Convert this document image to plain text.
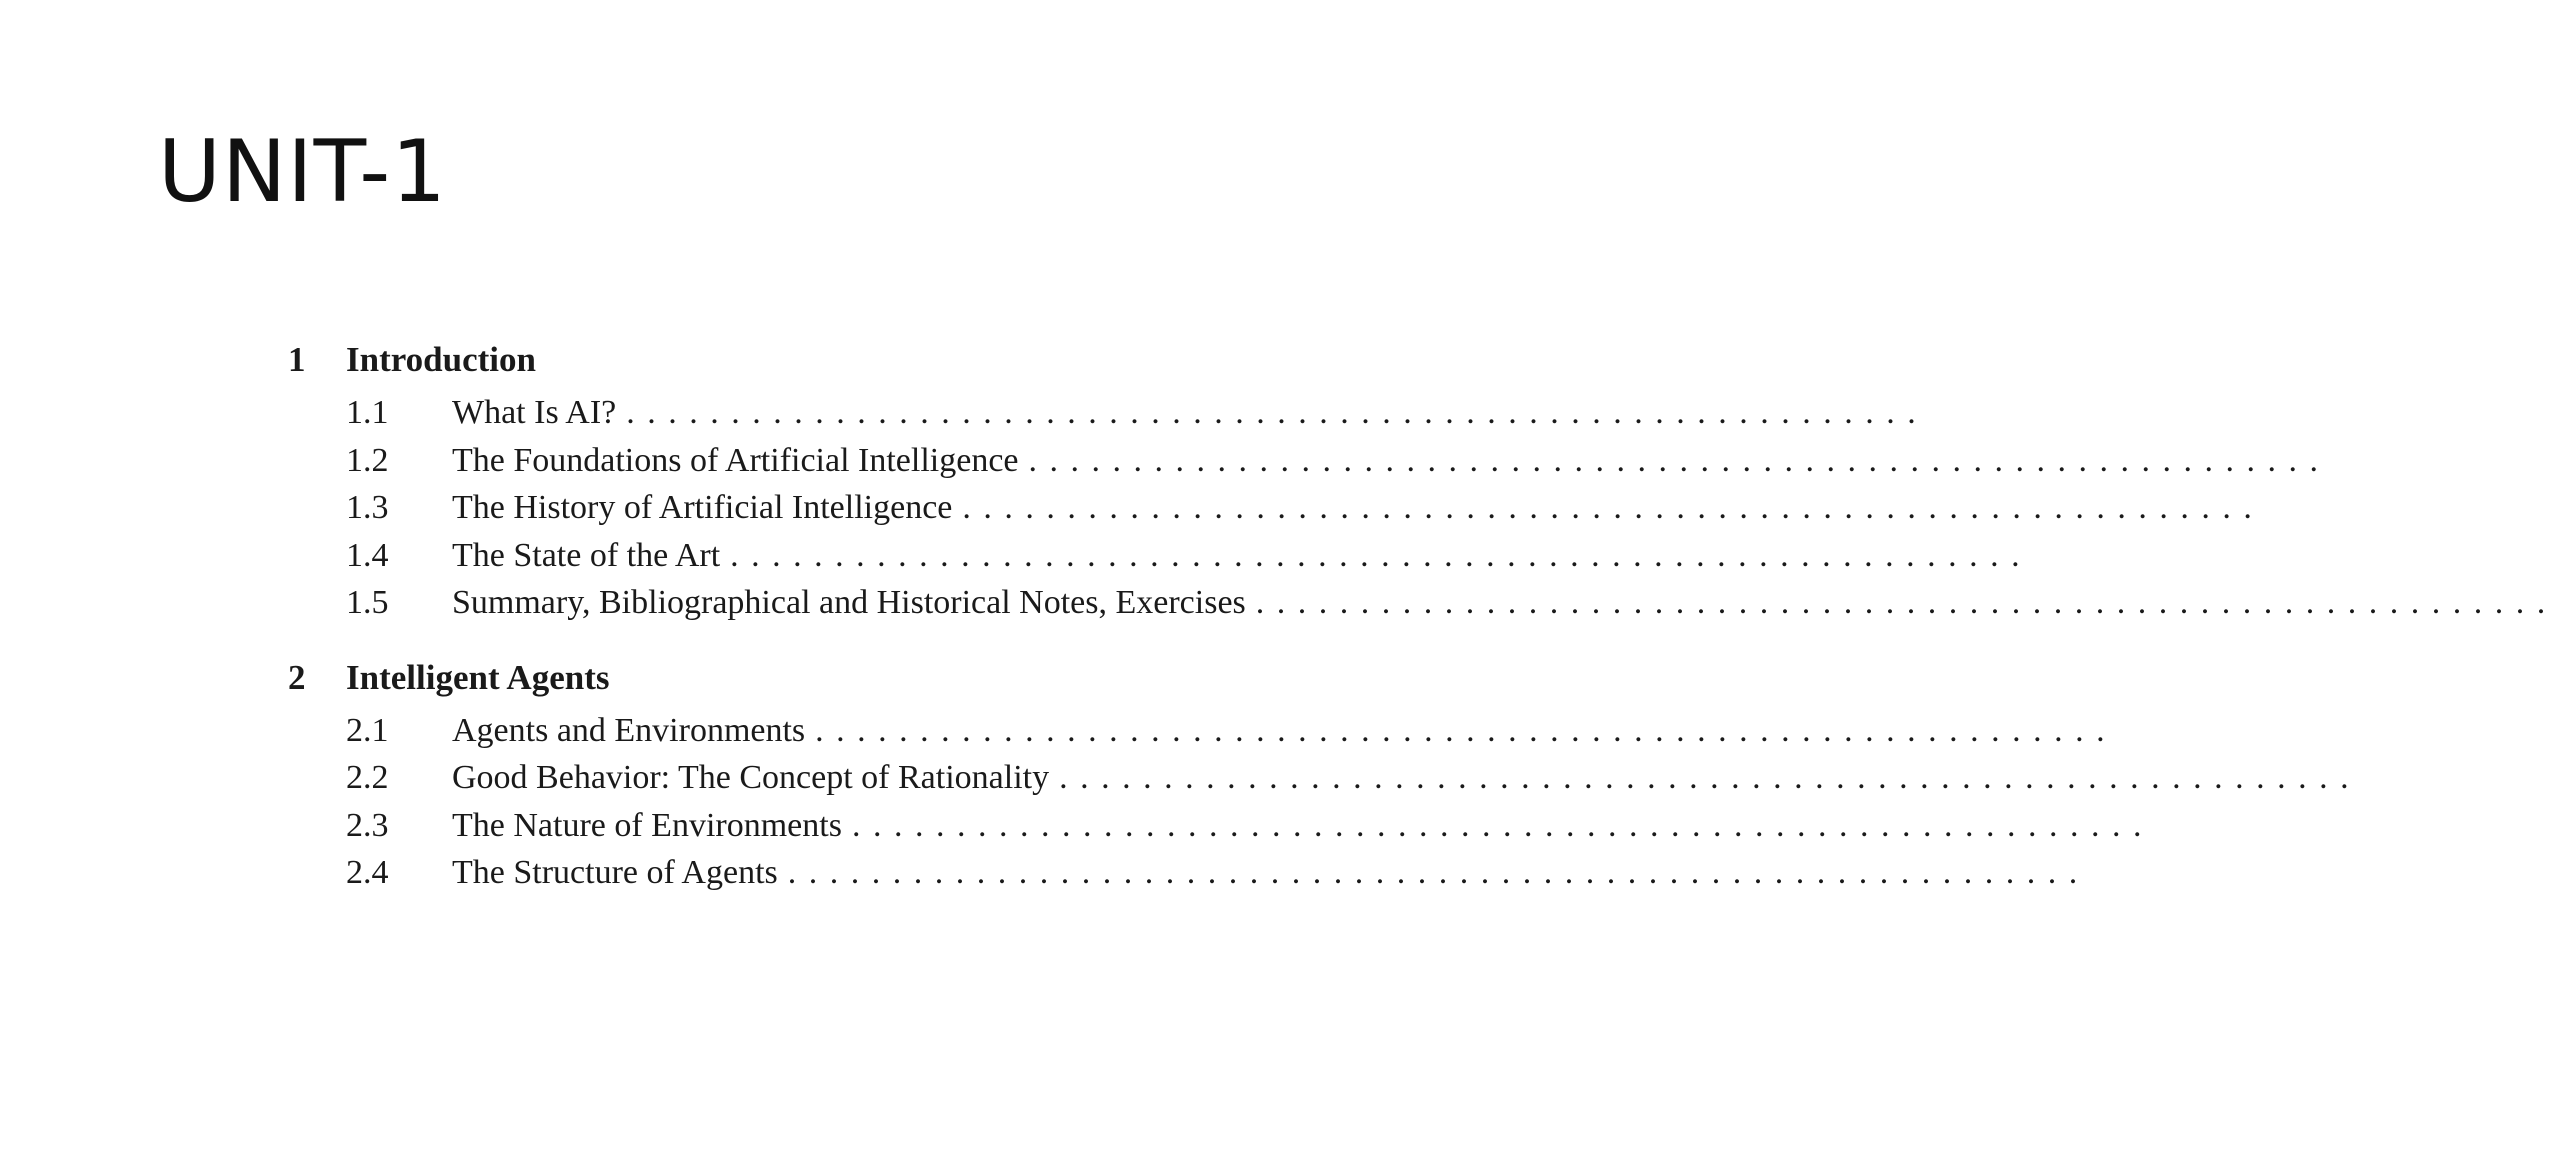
UNIT-1
1	Introduction
1.1	What Is AI? ..............................................................
1.2	The Foundations of Artificial Intelligence ..............................................................
1.3	The History of Artificial Intelligence ..............................................................
1.4	The State of the Art ..............................................................
1.5	Summary, Bibliographical and Historical Notes, Exercises ..............................................................
2	Intelligent Agents
2.1	Agents and Environments ..............................................................
2.2	Good Behavior: The Concept of Rationality ..............................................................
2.3	The Nature of Environments ..............................................................
2.4	The Structure of Agents ..............................................................
